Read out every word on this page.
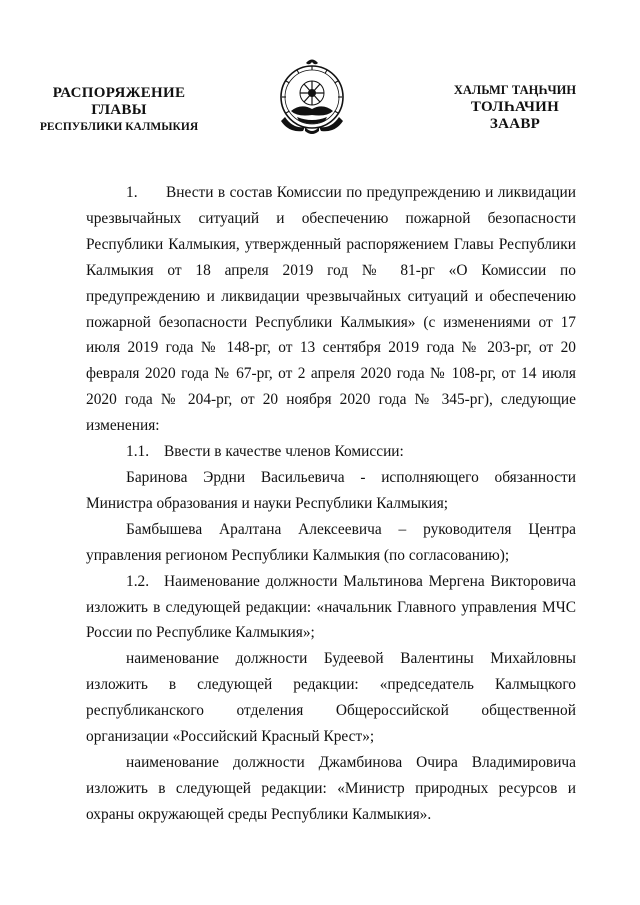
РАСПОРЯЖЕНИЕ
ГЛАВЫ
РЕСПУБЛИКИ КАЛМЫКИЯ
ХАЛЬМГ ТАҢҺЧИН
ТОЛҺАЧИН
ЗААВР

1. Внести в состав Комиссии по предупреждению и ликвидации чрезвычайных ситуаций и обеспечению пожарной безопасности Республики Калмыкия, утвержденный распоряжением Главы Республики Калмыкия от 18 апреля 2019 год № 81-рг «О Комиссии по предупреждению и ликвидации чрезвычайных ситуаций и обеспечению пожарной безопасности Республики Калмыкия» (с изменениями от 17 июля 2019 года № 148-рг, от 13 сентября 2019 года № 203-рг, от 20 февраля 2020 года № 67-рг, от 2 апреля 2020 года № 108-рг, от 14 июля 2020 года № 204-рг, от 20 ноября 2020 года № 345-рг), следующие изменения:

1.1. Ввести в качестве членов Комиссии:

Баринова Эрдни Васильевича - исполняющего обязанности Министра образования и науки Республики Калмыкия;

Бамбышева Аралтана Алексеевича – руководителя Центра управления регионом Республики Калмыкия (по согласованию);

1.2. Наименование должности Мальтинова Мергена Викторовича изложить в следующей редакции: «начальник Главного управления МЧС России по Республике Калмыкия»;

наименование должности Будеевой Валентины Михайловны изложить в следующей редакции: «председатель Калмыцкого республиканского отделения Общероссийской общественной организации «Российский Красный Крест»;

наименование должности Джамбинова Очира Владимировича изложить в следующей редакции: «Министр природных ресурсов и охраны окружающей среды Республики Калмыкия».
